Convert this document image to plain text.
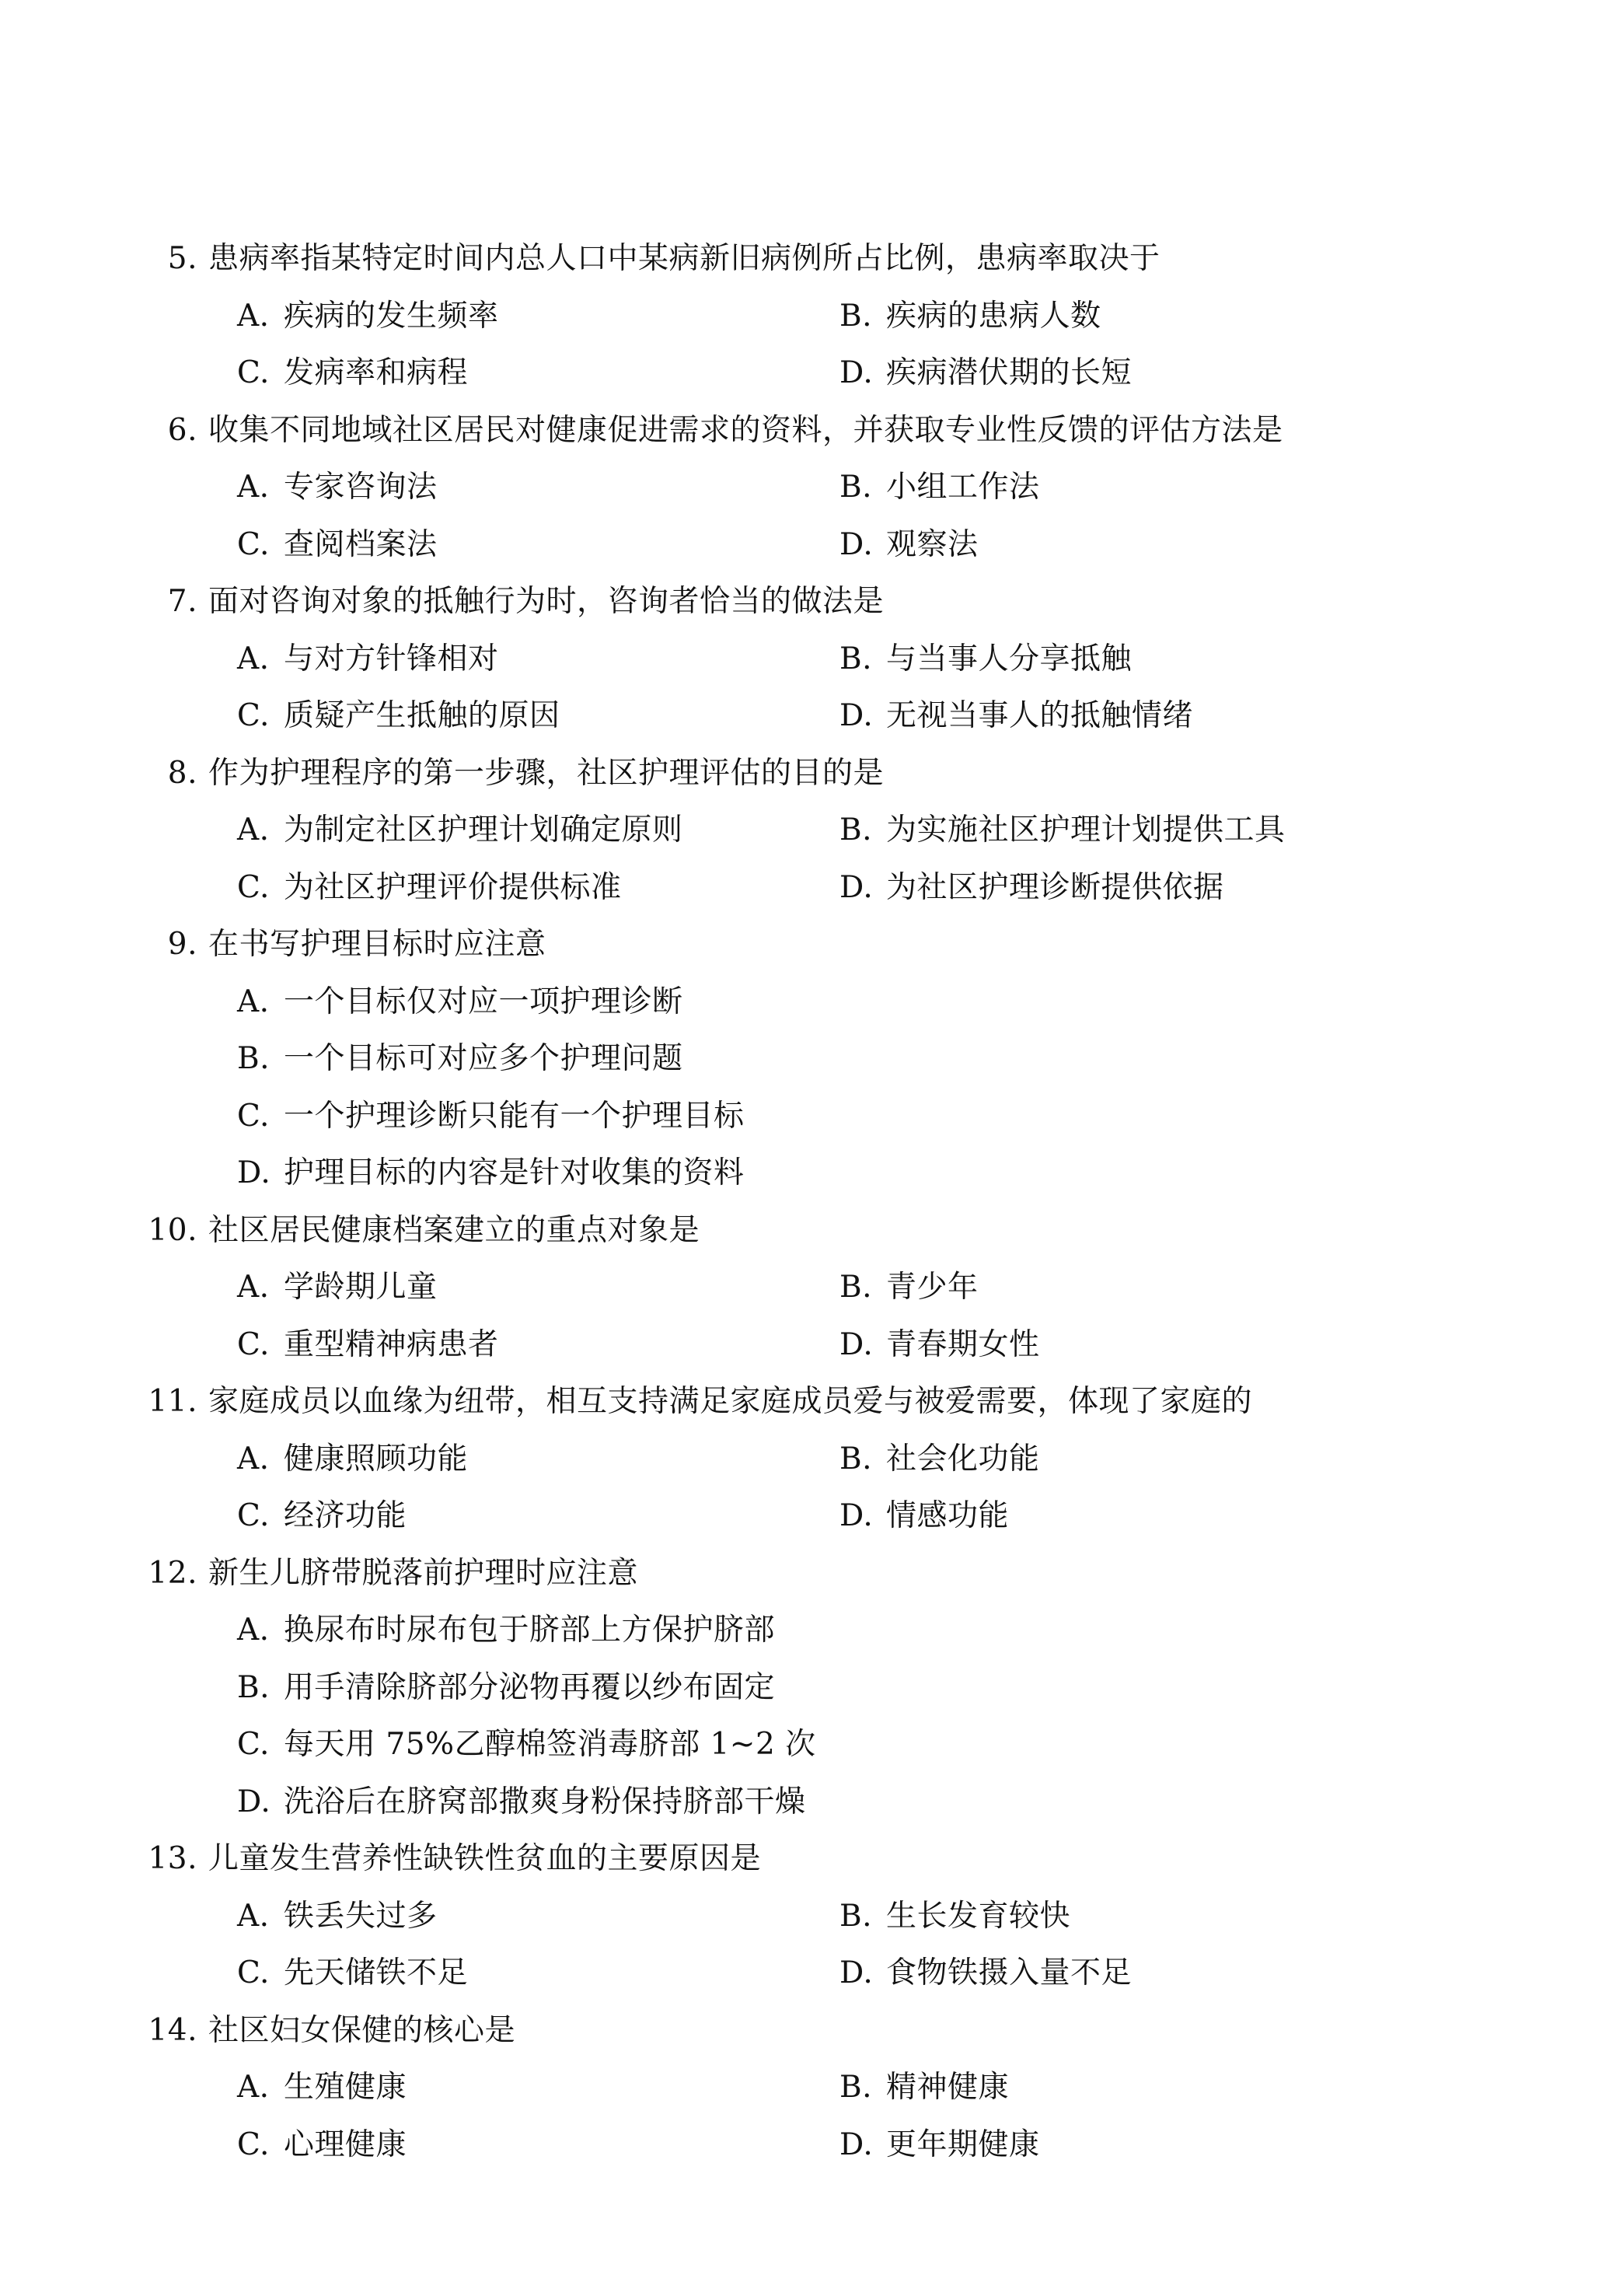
5. 患病率指某特定时间内总人口中某病新旧病例所占比例，患病率取决于
A. 疾病的发生频率	B. 疾病的患病人数
C. 发病率和病程	D. 疾病潜伏期的长短
6. 收集不同地域社区居民对健康促进需求的资料，并获取专业性反馈的评估方法是
A. 专家咨询法	B. 小组工作法
C. 查阅档案法	D. 观察法
7. 面对咨询对象的抵触行为时，咨询者恰当的做法是
A. 与对方针锋相对	B. 与当事人分享抵触
C. 质疑产生抵触的原因	D. 无视当事人的抵触情绪
8. 作为护理程序的第一步骤，社区护理评估的目的是
A. 为制定社区护理计划确定原则	B. 为实施社区护理计划提供工具
C. 为社区护理评价提供标准	D. 为社区护理诊断提供依据
9. 在书写护理目标时应注意
A. 一个目标仅对应一项护理诊断
B. 一个目标可对应多个护理问题
C. 一个护理诊断只能有一个护理目标
D. 护理目标的内容是针对收集的资料
10. 社区居民健康档案建立的重点对象是
A. 学龄期儿童	B. 青少年
C. 重型精神病患者	D. 青春期女性
11. 家庭成员以血缘为纽带，相互支持满足家庭成员爱与被爱需要，体现了家庭的
A. 健康照顾功能	B. 社会化功能
C. 经济功能	D. 情感功能
12. 新生儿脐带脱落前护理时应注意
A. 换尿布时尿布包于脐部上方保护脐部
B. 用手清除脐部分泌物再覆以纱布固定
C. 每天用 75%乙醇棉签消毒脐部 1~2 次
D. 洗浴后在脐窝部撒爽身粉保持脐部干燥
13. 儿童发生营养性缺铁性贫血的主要原因是
A. 铁丢失过多	B. 生长发育较快
C. 先天储铁不足	D. 食物铁摄入量不足
14. 社区妇女保健的核心是
A. 生殖健康	B. 精神健康
C. 心理健康	D. 更年期健康
